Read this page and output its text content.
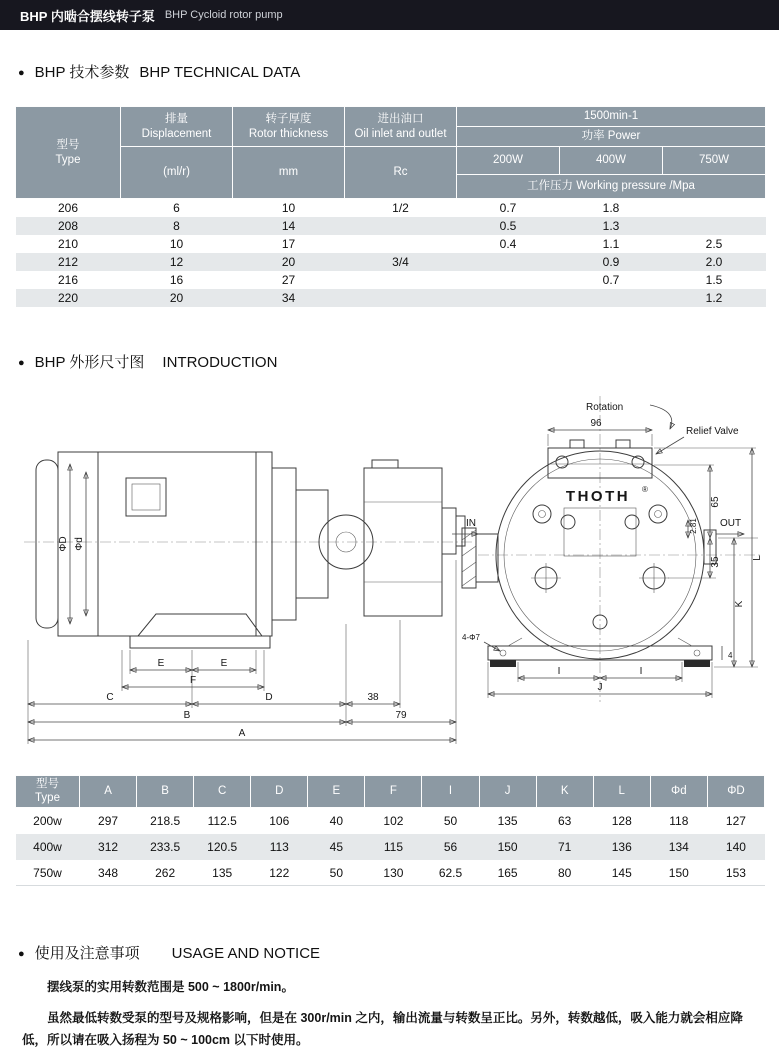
BHP 内啮合摆线转子泵 BHP Cycloid rotor pump
● BHP 技术参数 BHP TECHNICAL DATA
型号
Type

排量
Displacement

转子厚度
Rotor thickness

进出油口
Oil inlet and outlet
	1500min-1
				功率 Power		
	(ml/r)	mm	Rc	200W	400W	750W
				工作压力 Working pressure /Mpa		
206	6	10	1/2	0.7	1.8	
208	8	14		0.5	1.3	
210	10	17		0.4	1.1	2.5
212	12	20	3/4		0.9	2.0
216	16	27			0.7	1.5
220	20	34				1.2
● BHP 外形尺寸图 INTRODUCTION
ΦD Φd
E	E
F
C	D	38
B	79
A
THOTH ®
Rotation
96
Relief Valve
IN	OUT
65
2.81
35
K
L
4-Φ7
I	I
J
4
型号
Type	A	B	C	D	E	F	I	J	K	L	Φd	ΦD
200w	297	218.5	112.5	106	40	102	50	135	63	128	118	127
400w	312	233.5	120.5	113	45	115	56	150	71	136	134	140
750w	348	262	135	122	50	130	62.5	165	80	145	150	153
● 使用及注意事项 USAGE AND NOTICE

摆线泵的实用转数范围是 500 ~ 1800r/min。

虽然最低转数受泵的型号及规格影响，但是在 300r/min 之内，输出流量与转数呈正比。另外，转数越低，吸入能力就会相应降低，所以请在吸入扬程为 50 ~ 100cm 以下时使用。
